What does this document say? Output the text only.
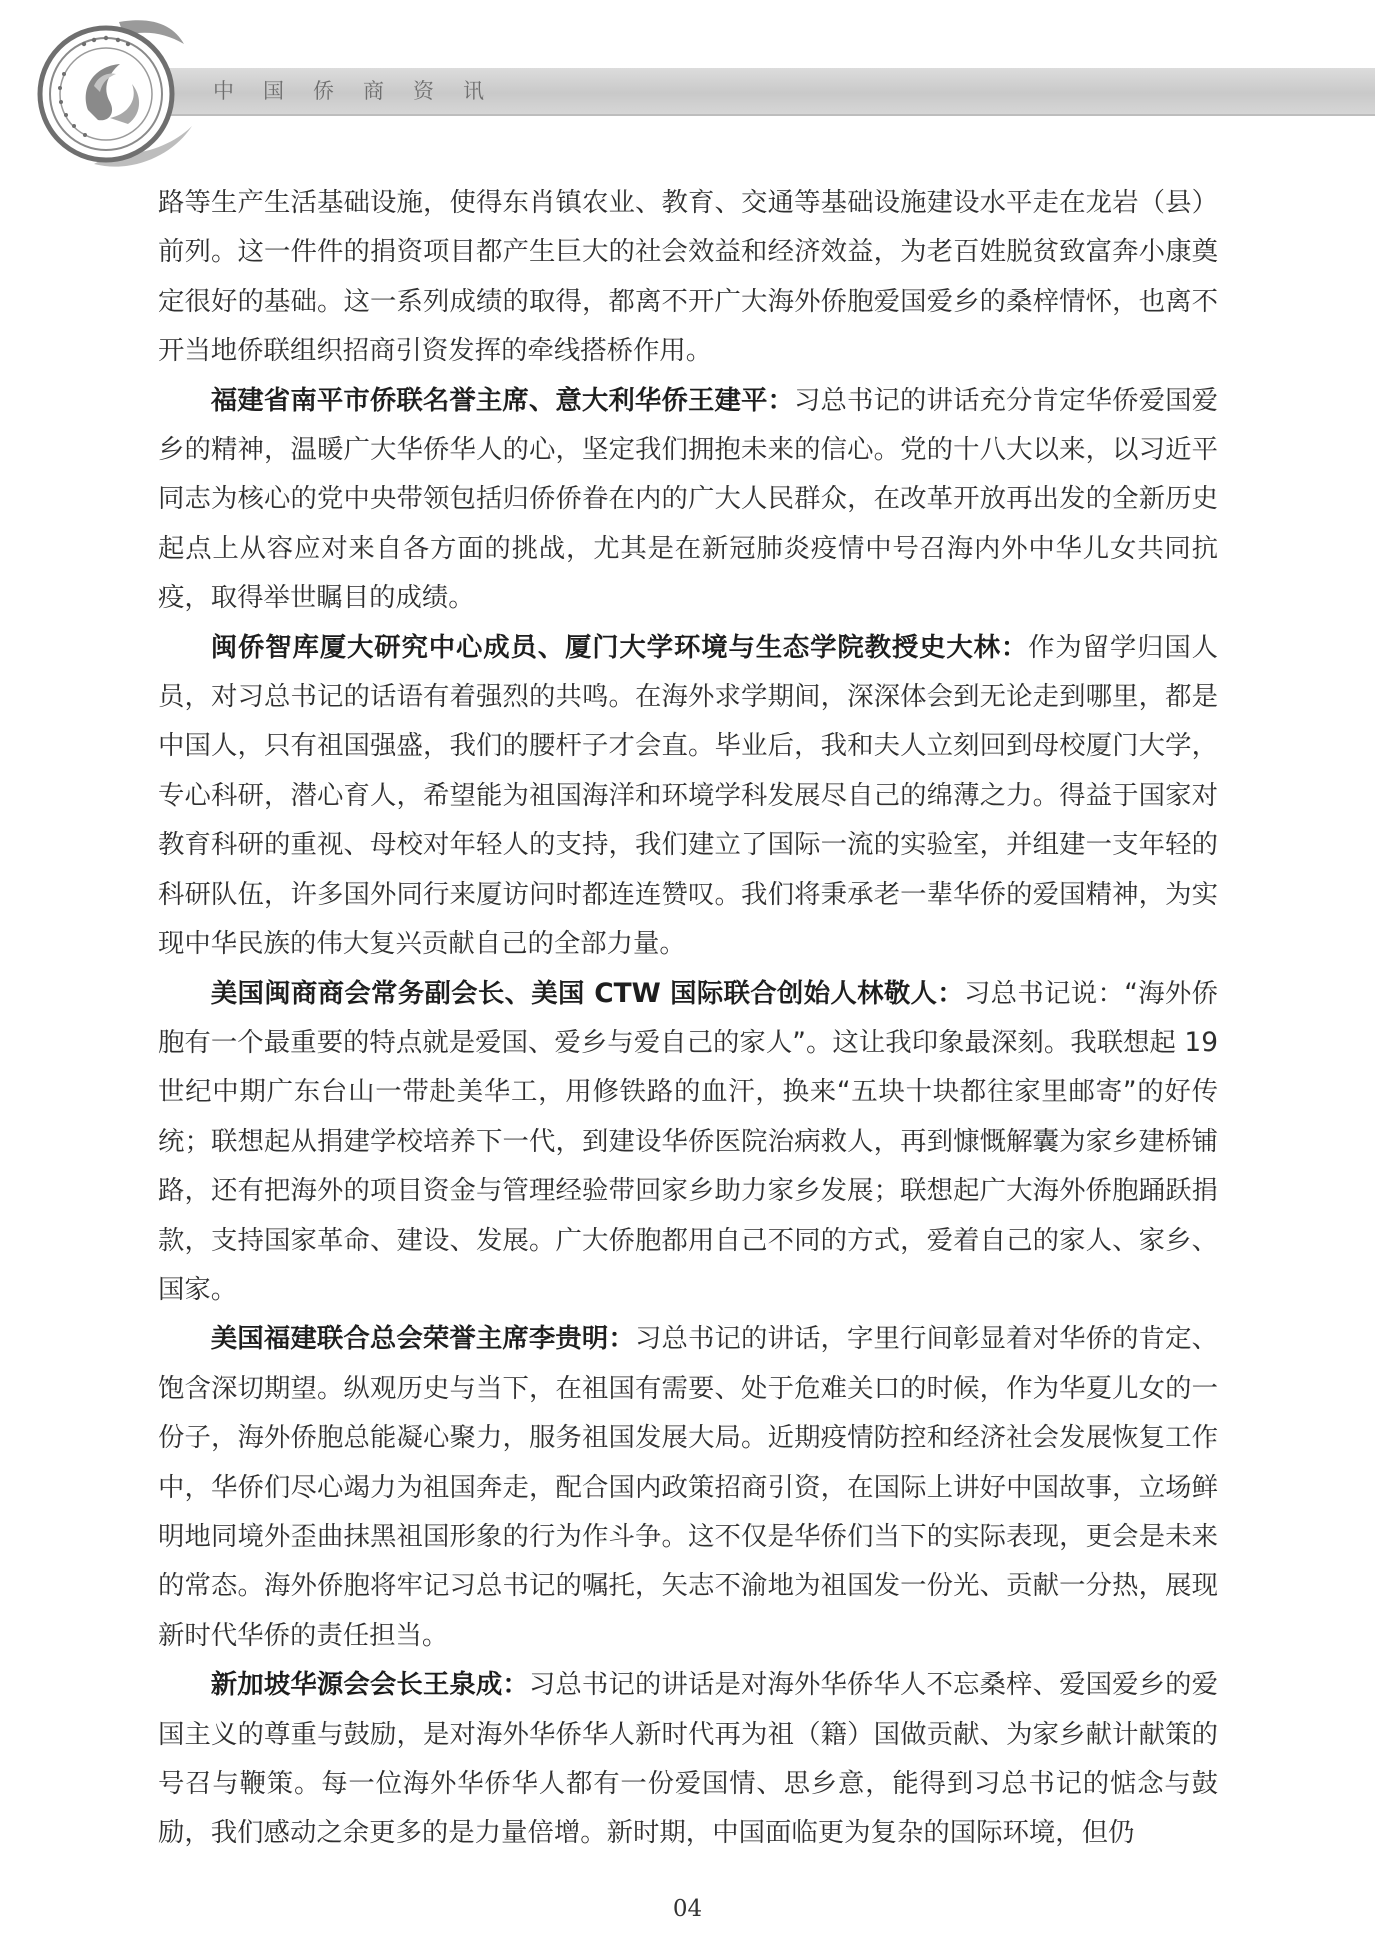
中国侨商资讯

路等生产生活基础设施，使得东肖镇农业、教育、交通等基础设施建设水平走在龙岩（县）前列。这一件件的捐资项目都产生巨大的社会效益和经济效益，为老百姓脱贫致富奔小康奠定很好的基础。这一系列成绩的取得，都离不开广大海外侨胞爱国爱乡的桑梓情怀，也离不开当地侨联组织招商引资发挥的牵线搭桥作用。

福建省南平市侨联名誉主席、意大利华侨王建平：习总书记的讲话充分肯定华侨爱国爱乡的精神，温暖广大华侨华人的心，坚定我们拥抱未来的信心。党的十八大以来，以习近平同志为核心的党中央带领包括归侨侨眷在内的广大人民群众，在改革开放再出发的全新历史起点上从容应对来自各方面的挑战，尤其是在新冠肺炎疫情中号召海内外中华儿女共同抗疫，取得举世瞩目的成绩。

闽侨智库厦大研究中心成员、厦门大学环境与生态学院教授史大林：作为留学归国人员，对习总书记的话语有着强烈的共鸣。在海外求学期间，深深体会到无论走到哪里，都是中国人，只有祖国强盛，我们的腰杆子才会直。毕业后，我和夫人立刻回到母校厦门大学，专心科研，潜心育人，希望能为祖国海洋和环境学科发展尽自己的绵薄之力。得益于国家对教育科研的重视、母校对年轻人的支持，我们建立了国际一流的实验室，并组建一支年轻的科研队伍，许多国外同行来厦访问时都连连赞叹。我们将秉承老一辈华侨的爱国精神，为实现中华民族的伟大复兴贡献自己的全部力量。

美国闽商商会常务副会长、美国 CTW 国际联合创始人林敬人：习总书记说：“海外侨胞有一个最重要的特点就是爱国、爱乡与爱自己的家人”。这让我印象最深刻。我联想起 19 世纪中期广东台山一带赴美华工，用修铁路的血汗，换来“五块十块都往家里邮寄”的好传统；联想起从捐建学校培养下一代，到建设华侨医院治病救人，再到慷慨解囊为家乡建桥铺路，还有把海外的项目资金与管理经验带回家乡助力家乡发展；联想起广大海外侨胞踊跃捐款，支持国家革命、建设、发展。广大侨胞都用自己不同的方式，爱着自己的家人、家乡、国家。

美国福建联合总会荣誉主席李贵明：习总书记的讲话，字里行间彰显着对华侨的肯定、饱含深切期望。纵观历史与当下，在祖国有需要、处于危难关口的时候，作为华夏儿女的一份子，海外侨胞总能凝心聚力，服务祖国发展大局。近期疫情防控和经济社会发展恢复工作中，华侨们尽心竭力为祖国奔走，配合国内政策招商引资，在国际上讲好中国故事，立场鲜明地同境外歪曲抹黑祖国形象的行为作斗争。这不仅是华侨们当下的实际表现，更会是未来的常态。海外侨胞将牢记习总书记的嘱托，矢志不渝地为祖国发一份光、贡献一分热，展现新时代华侨的责任担当。

新加坡华源会会长王泉成：习总书记的讲话是对海外华侨华人不忘桑梓、爱国爱乡的爱国主义的尊重与鼓励，是对海外华侨华人新时代再为祖（籍）国做贡献、为家乡献计献策的号召与鞭策。每一位海外华侨华人都有一份爱国情、思乡意，能得到习总书记的惦念与鼓励，我们感动之余更多的是力量倍增。新时期，中国面临更为复杂的国际环境，但仍

04
